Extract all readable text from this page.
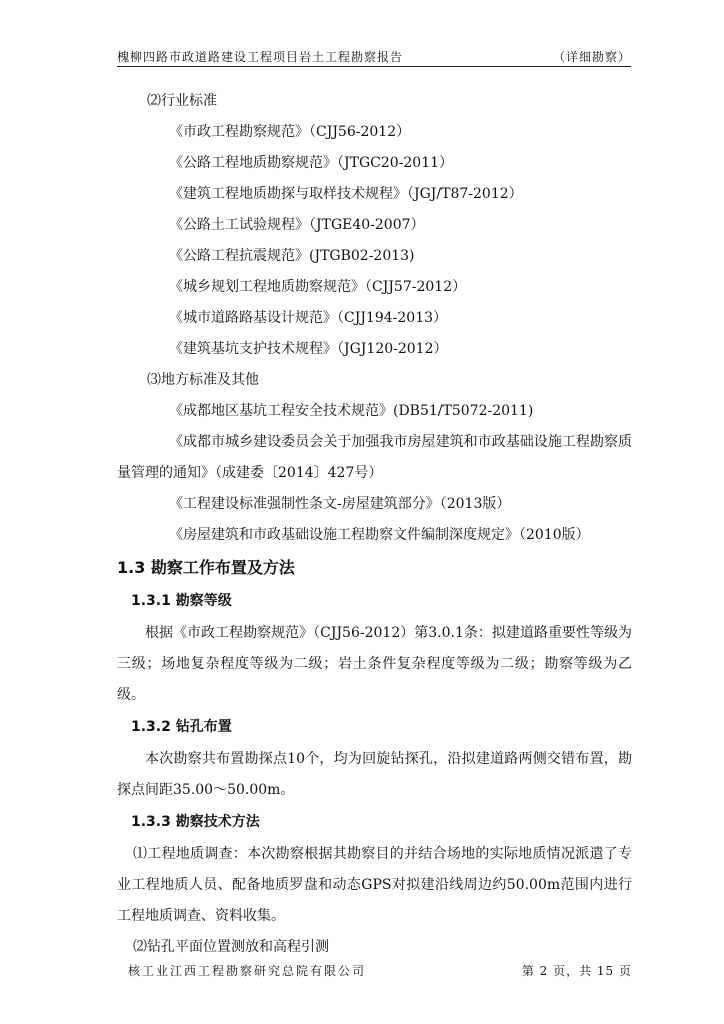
槐柳四路市政道路建设工程项目岩土工程勘察报告	（详细勘察）

⑵行业标准

《市政工程勘察规范》（CJJ56-2012）

《公路工程地质勘察规范》（JTGC20-2011）

《建筑工程地质勘探与取样技术规程》（JGJ/T87-2012）

《公路土工试验规程》（JTGE40-2007）

《公路工程抗震规范》(JTGB02-2013)

《城乡规划工程地质勘察规范》（CJJ57-2012）

《城市道路路基设计规范》（CJJ194-2013）

《建筑基坑支护技术规程》（JGJ120-2012）

⑶地方标准及其他

《成都地区基坑工程安全技术规范》(DB51/T5072-2011)

《成都市城乡建设委员会关于加强我市房屋建筑和市政基础设施工程勘察质量管理的通知》（成建委〔2014〕427号）

《工程建设标准强制性条文-房屋建筑部分》（2013版）

《房屋建筑和市政基础设施工程勘察文件编制深度规定》（2010版）

1.3 勘察工作布置及方法

1.3.1 勘察等级

根据《市政工程勘察规范》（CJJ56-2012）第3.0.1条：拟建道路重要性等级为三级；场地复杂程度等级为二级；岩土条件复杂程度等级为二级；勘察等级为乙级。

1.3.2 钻孔布置

本次勘察共布置勘探点10个，均为回旋钻探孔，沿拟建道路两侧交错布置，勘探点间距35.00～50.00m。

1.3.3 勘察技术方法

⑴工程地质调查：本次勘察根据其勘察目的并结合场地的实际地质情况派遣了专业工程地质人员、配备地质罗盘和动态GPS对拟建沿线周边约50.00m范围内进行工程地质调查、资料收集。

⑵钻孔平面位置测放和高程引测

核工业江西工程勘察研究总院有限公司	第 2 页，共 15 页
